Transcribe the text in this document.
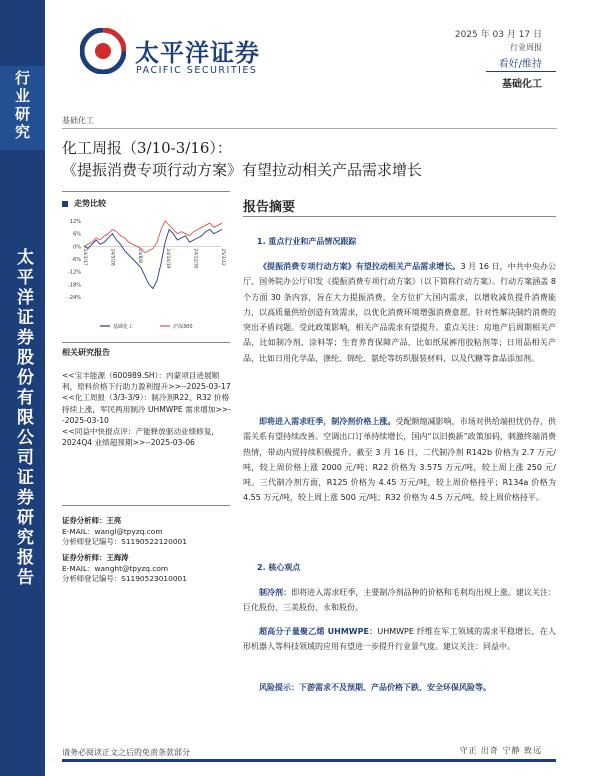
行业研究
太平洋证券股份有限公司证券研究报告
太平洋证券
PACIFIC SECURITIES
2025 年 03 月 17 日
行业周报
看好/维持
基础化工
基础化工
化工周报（3/10-3/16）：
《提振消费专项行动方案》有望拉动相关产品需求增长
走势比较
12%
6%
0%
-6%
-12%
-18%
-24%
24/3/17	24/5/28	24/8/8	24/10/19	24/12/30	25/3/12
基础化工	沪深300
相关研究报告
<<宝丰能源（600989.SH）：内蒙项目进展顺利，原料价格下行助力盈利提升>>--2025-03-17
<<化工周报（3/3-3/9）：制冷剂R22、R32 价格持续上涨，军民两用制冷 UHMWPE 需求增加>>--2025-03-10
<<同益中快报点评：产能释放驱动业绩修复，2024Q4 业绩超预期>>--2025-03-06
证券分析师：王亮
E-MAIL：wangl@tpyzq.com
分析师登记编号：S1190522120001
证券分析师：王海涛
E-MAIL：wanght@tpyzq.com
分析师登记编号：S1190523010001
报告摘要
1. 重点行业和产品情况跟踪
《提振消费专项行动方案》有望拉动相关产品需求增长。3 月 16 日，中共中央办公厅、国务院办公厅印发《提振消费专项行动方案》（以下简称行动方案）。行动方案涵盖 8 个方面 30 条内容，旨在大力提振消费，全方位扩大国内需求，以增收减负提升消费能力，以高质量供给创造有效需求，以优化消费环境增强消费意愿，针对性解决制约消费的突出矛盾问题。受此政策影响，相关产品需求有望提升。重点关注：房地产后周期相关产品，比如制冷剂、涂料等；生育养育保障产品，比如纸尿裤用胶粘剂等；日用品相关产品，比如日用化学品，涤纶、锦纶、氨纶等纺织服装材料，以及代糖等食品添加剂。
即将进入需求旺季，制冷剂价格上涨。受配额缩减影响，市场对供给端担忧仍存，供需关系有望持续改善。空调出口订单持续增长，国内“以旧换新”政策加码，刺激终端消费热情，带动内贸持续积极提升。截至 3 月 16 日，二代制冷剂 R142b 价格为 2.7 万元/吨，较上周价格上涨 2000 元/吨；R22 价格为 3.575 万元/吨，较上周上涨 250 元/吨。三代制冷剂方面，R125 价格为 4.45 万元/吨，较上周价格持平；R134a 价格为 4.55 万元/吨，较上周上涨 500 元/吨；R32 价格为 4.5 万元/吨，较上周价格持平。
2. 核心观点
制冷剂：即将进入需求旺季，主要制冷剂品种的价格和毛利均出现上涨。建议关注：巨化股份、三美股份、永和股份。
超高分子量聚乙烯 UHMWPE：UHMWPE 纤维在军工领域的需求平稳增长，在人形机器人等科技领域的应用有望进一步提升行业景气度。建议关注：同益中。
风险提示：下游需求不及预期、产品价格下跌、安全环保风险等。
请务必阅读正文之后的免责条款部分	守正 出奇 宁静 致远
